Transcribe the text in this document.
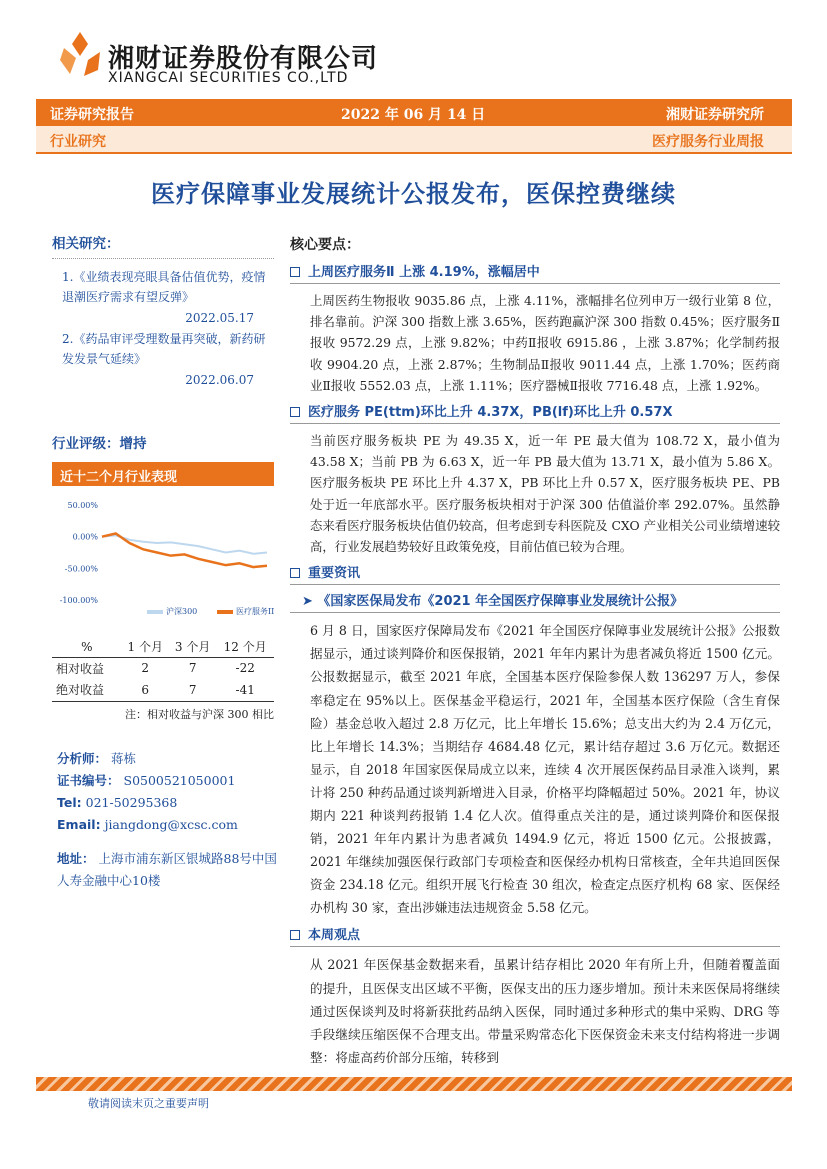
湘财证券股份有限公司
XIANGCAI SECURITIES CO.,LTD
证券研究报告	2022 年 06 月 14 日	湘财证券研究所
行业研究	医疗服务行业周报
医疗保障事业发展统计公报发布，医保控费继续
相关研究：
1.《业绩表现亮眼具备估值优势，疫情退潮医疗需求有望反弹》
2022.05.17
2.《药品审评受理数量再突破，新药研发发景气延续》
2022.06.07
行业评级：增持
近十二个月行业表现
50.00%
0.00%
-50.00%
-100.00%
沪深300	医疗服务II
%	1 个月	3 个月	12 个月
相对收益	2	7	-22
绝对收益	6	7	-41
注：相对收益与沪深 300 相比
分析师： 蒋栋
证书编号： S0500521050001
Tel: 021-50295368
Email: jiangdong@xcsc.com
地址： 上海市浦东新区银城路88号中国人寿金融中心10楼
核心要点：
上周医疗服务Ⅱ 上涨 4.19%，涨幅居中
上周医药生物报收 9035.86 点，上涨 4.11%，涨幅排名位列申万一级行业第 8 位，排名靠前。沪深 300 指数上涨 3.65%，医药跑赢沪深 300 指数 0.45%；医疗服务Ⅱ报收 9572.29 点，上涨 9.82%；中药Ⅱ报收 6915.86 ，上涨 3.87%；化学制药报收 9904.20 点，上涨 2.87%；生物制品Ⅱ报收 9011.44 点，上涨 1.70%；医药商业Ⅱ报收 5552.03 点，上涨 1.11%；医疗器械Ⅱ报收 7716.48 点，上涨 1.92%。
医疗服务 PE(ttm)环比上升 4.37X，PB(lf)环比上升 0.57X
当前医疗服务板块 PE 为 49.35 X，近一年 PE 最大值为 108.72 X，最小值为 43.58 X；当前 PB 为 6.63 X，近一年 PB 最大值为 13.71 X，最小值为 5.86 X。医疗服务板块 PE 环比上升 4.37 X，PB 环比上升 0.57 X，医疗服务板块 PE、PB 处于近一年底部水平。医疗服务板块相对于沪深 300 估值溢价率 292.07%。虽然静态来看医疗服务板块估值仍较高，但考虑到专科医院及 CXO 产业相关公司业绩增速较高，行业发展趋势较好且政策免疫，目前估值已较为合理。
重要资讯
➤ 《国家医保局发布《2021 年全国医疗保障事业发展统计公报》
6 月 8 日，国家医疗保障局发布《2021 年全国医疗保障事业发展统计公报》公报数据显示，通过谈判降价和医保报销，2021 年年内累计为患者减负将近 1500 亿元。公报数据显示，截至 2021 年底，全国基本医疗保险参保人数 136297 万人，参保率稳定在 95%以上。医保基金平稳运行，2021 年，全国基本医疗保险（含生育保险）基金总收入超过 2.8 万亿元，比上年增长 15.6%；总支出大约为 2.4 万亿元，比上年增长 14.3%；当期结存 4684.48 亿元，累计结存超过 3.6 万亿元。数据还显示，自 2018 年国家医保局成立以来，连续 4 次开展医保药品目录准入谈判，累计将 250 种药品通过谈判新增进入目录，价格平均降幅超过 50%。2021 年，协议期内 221 种谈判药报销 1.4 亿人次。值得重点关注的是，通过谈判降价和医保报销，2021 年年内累计为患者减负 1494.9 亿元，将近 1500 亿元。公报披露，2021 年继续加强医保行政部门专项检查和医保经办机构日常核查，全年共追回医保资金 234.18 亿元。组织开展飞行检查 30 组次，检查定点医疗机构 68 家、医保经办机构 30 家，查出涉嫌违法违规资金 5.58 亿元。
本周观点
从 2021 年医保基金数据来看，虽累计结存相比 2020 年有所上升，但随着覆盖面的提升，且医保支出区域不平衡，医保支出的压力逐步增加。预计未来医保局将继续通过医保谈判及时将新获批药品纳入医保，同时通过多种形式的集中采购、DRG 等手段继续压缩医保不合理支出。带量采购常态化下医保资金未来支付结构将进一步调整：将虚高药价部分压缩，转移到
敬请阅读末页之重要声明
